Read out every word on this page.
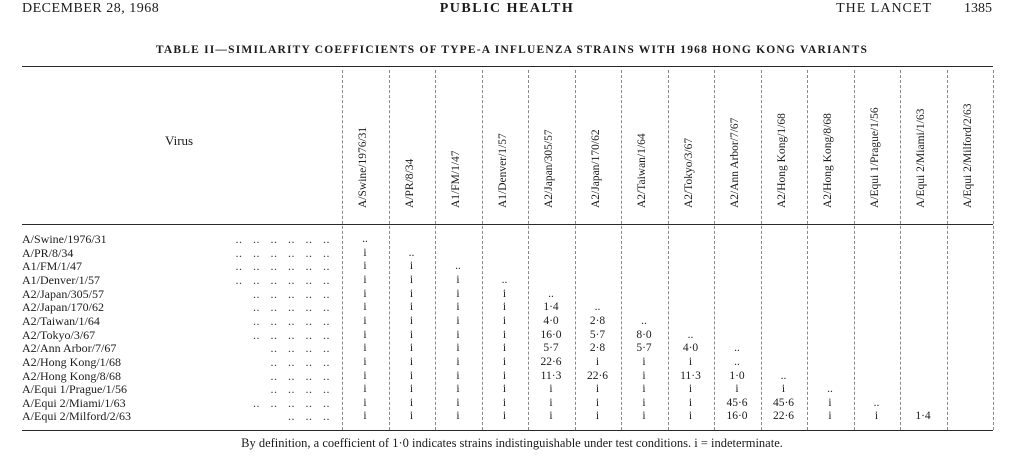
DECEMBER 28, 1968	PUBLIC HEALTH	THE LANCET 1385
TABLE II—SIMILARITY COEFFICIENTS OF TYPE-A INFLUENZA STRAINS WITH 1968 HONG KONG VARIANTS
Virus	A/Swine/1976/31	A/PR/8/34	A1/FM/1/47	A1/Denver/1/57	A2/Japan/305/57	A2/Japan/170/62	A2/Taiwan/1/64	A2/Tokyo/3/67	A2/Ann Arbor/7/67	A2/Hong Kong/1/68	A2/Hong Kong/8/68	A/Equi 1/Prague/1/56	A/Equi 2/Miami/1/63	A/Equi 2/Milford/2/63
A/Swine/1976/31	..   ..   ..   ..   ..   ..	..
A/PR/8/34	..   ..   ..   ..   ..   ..	i	..
A1/FM/1/47	..   ..   ..   ..   ..   ..	i	i	..
A1/Denver/1/57	..   ..   ..   ..   ..   ..	i	i	i	..
A2/Japan/305/57	..   ..   ..   ..   ..	i	i	i	i	..
A2/Japan/170/62	..   ..   ..   ..   ..	i	i	i	i	1·4	..
A2/Taiwan/1/64	..   ..   ..   ..   ..	i	i	i	i	4·0	2·8	..
A2/Tokyo/3/67	..   ..   ..   ..   ..	i	i	i	i	16·0	5·7	8·0	..
A2/Ann Arbor/7/67	..   ..   ..   ..	i	i	i	i	5·7	2·8	5·7	4·0	..
A2/Hong Kong/1/68	..   ..   ..   ..	i	i	i	i	22·6	i	i	i	..
A2/Hong Kong/8/68	..   ..   ..   ..	i	i	i	i	11·3	22·6	i	11·3	1·0	..
A/Equi 1/Prague/1/56	..   ..   ..   ..	i	i	i	i	i	i	i	i	i	i	..
A/Equi 2/Miami/1/63	..   ..   ..   ..   ..	i	i	i	i	i	i	i	i	45·6	45·6	i	..
A/Equi 2/Milford/2/63	..   ..   ..	i	i	i	i	i	i	i	i	16·0	22·6	i	i	1·4
By definition, a coefficient of 1·0 indicates strains indistinguishable under test conditions. i = indeterminate.
